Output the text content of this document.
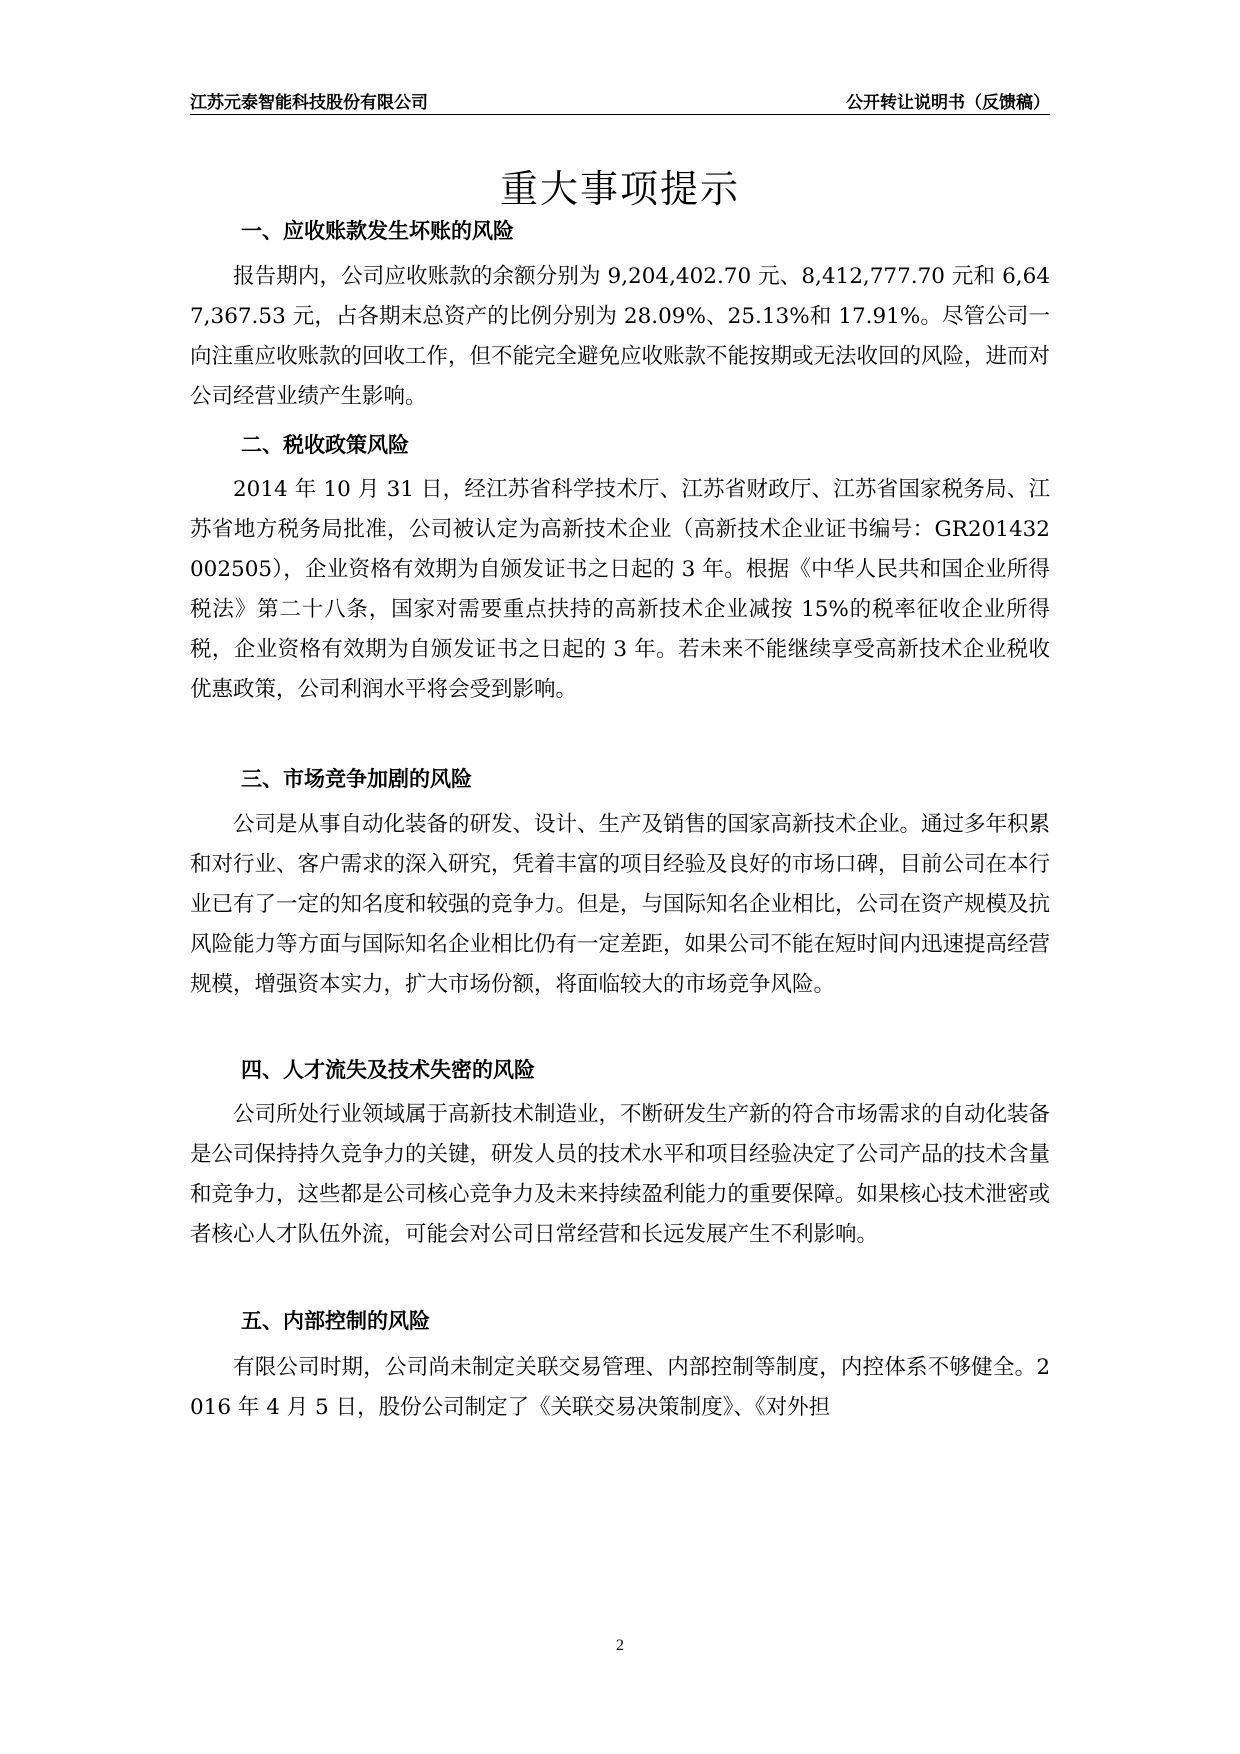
江苏元泰智能科技股份有限公司	公开转让说明书（反馈稿）
重大事项提示
一、应收账款发生坏账的风险
报告期内，公司应收账款的余额分别为 9,204,402.70 元、8,412,777.70 元和 6,647,367.53 元，占各期末总资产的比例分别为 28.09%、25.13%和 17.91%。尽管公司一向注重应收账款的回收工作，但不能完全避免应收账款不能按期或无法收回的风险，进而对公司经营业绩产生影响。
二、税收政策风险
2014 年 10 月 31 日，经江苏省科学技术厅、江苏省财政厅、江苏省国家税务局、江苏省地方税务局批准，公司被认定为高新技术企业（高新技术企业证书编号：GR201432002505），企业资格有效期为自颁发证书之日起的 3 年。根据《中华人民共和国企业所得税法》第二十八条，国家对需要重点扶持的高新技术企业减按 15%的税率征收企业所得税，企业资格有效期为自颁发证书之日起的 3 年。若未来不能继续享受高新技术企业税收优惠政策，公司利润水平将会受到影响。
三、市场竞争加剧的风险
公司是从事自动化装备的研发、设计、生产及销售的国家高新技术企业。通过多年积累和对行业、客户需求的深入研究，凭着丰富的项目经验及良好的市场口碑，目前公司在本行业已有了一定的知名度和较强的竞争力。但是，与国际知名企业相比，公司在资产规模及抗风险能力等方面与国际知名企业相比仍有一定差距，如果公司不能在短时间内迅速提高经营规模，增强资本实力，扩大市场份额，将面临较大的市场竞争风险。
四、人才流失及技术失密的风险
公司所处行业领域属于高新技术制造业，不断研发生产新的符合市场需求的自动化装备是公司保持持久竞争力的关键，研发人员的技术水平和项目经验决定了公司产品的技术含量和竞争力，这些都是公司核心竞争力及未来持续盈利能力的重要保障。如果核心技术泄密或者核心人才队伍外流，可能会对公司日常经营和长远发展产生不利影响。
五、内部控制的风险
有限公司时期，公司尚未制定关联交易管理、内部控制等制度，内控体系不够健全。2016 年 4 月 5 日，股份公司制定了《关联交易决策制度》、《对外担
2
